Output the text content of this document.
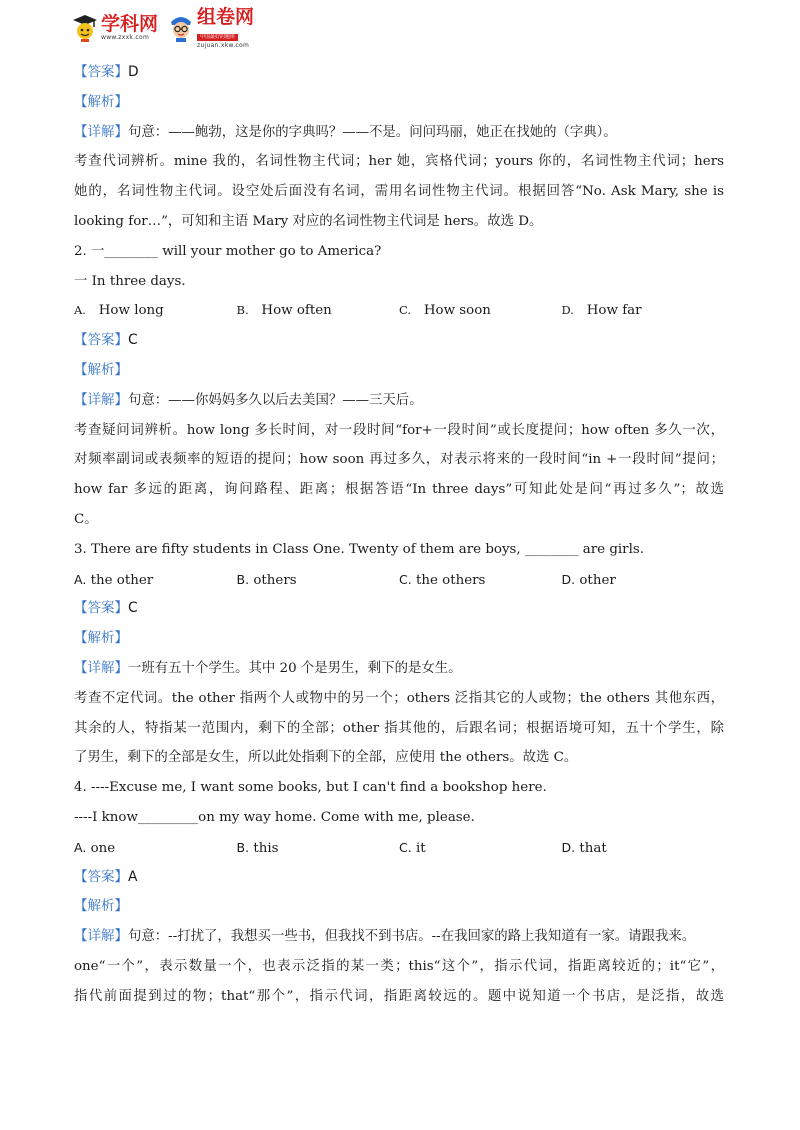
学科网
www.zxxk.com
组卷网
中国最好的题库
zujuan.xkw.com
【答案】D
【解析】
【详解】句意：——鲍勃，这是你的字典吗？——不是。问问玛丽，她正在找她的（字典）。
考查代词辨析。mine 我的，名词性物主代词；her 她，宾格代词；yours 你的，名词性物主代词；hers
她的，名词性物主代词。设空处后面没有名词，需用名词性物主代词。根据回答“No. Ask Mary, she is
looking for…”，可知和主语 Mary 对应的名词性物主代词是 hers。故选 D。
2. 一________ will your mother go to America?
一 In three days.
A. How long	B. How often	C. How soon	D. How far
【答案】C
【解析】
【详解】句意：——你妈妈多久以后去美国？——三天后。
考查疑问词辨析。how long 多长时间，对一段时间“for+一段时间”或长度提问；how often 多久一次，
对频率副词或表频率的短语的提问；how soon 再过多久，对表示将来的一段时间“in +一段时间”提问；
how far 多远的距离，询问路程、距离；根据答语“In three days”可知此处是问“再过多久”；故选
C。
3. There are fifty students in Class One. Twenty of them are boys, ________ are girls.
A. the other	B. others	C. the others	D. other
【答案】C
【解析】
【详解】一班有五十个学生。其中 20 个是男生，剩下的是女生。
考查不定代词。the other 指两个人或物中的另一个；others 泛指其它的人或物；the others 其他东西，
其余的人，特指某一范围内，剩下的全部；other 指其他的，后跟名词；根据语境可知，五十个学生，除
了男生，剩下的全部是女生，所以此处指剩下的全部，应使用 the others。故选 C。
4. ----Excuse me, I want some books, but I can't find a bookshop here.
----I know_________on my way home. Come with me, please.
A. one	B. this	C. it	D. that
【答案】A
【解析】
【详解】句意：--打扰了，我想买一些书，但我找不到书店。--在我回家的路上我知道有一家。请跟我来。
one“一个”，表示数量一个，也表示泛指的某一类；this“这个”，指示代词，指距离较近的；it“它”，
指代前面提到过的物；that“那个”，指示代词，指距离较远的。题中说知道一个书店，是泛指，故选
